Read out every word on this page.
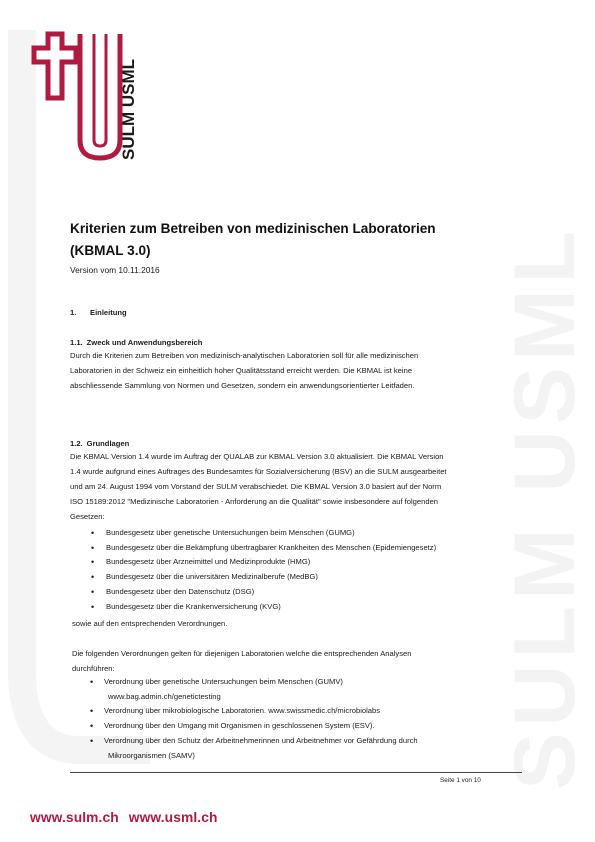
SULM USML
SULM USML
Kriterien zum Betreiben von medizinischen Laboratorien
(KBMAL 3.0)
Version vom 10.11.2016
1. Einleitung
1.1. Zweck und Anwendungsbereich

Durch die Kriterien zum Betreiben von medizinisch-analytischen Laboratorien soll für alle medizinischen

Laboratorien in der Schweiz ein einheitlich hoher Qualitätsstand erreicht werden. Die KBMAL ist keine

abschliessende Sammlung von Normen und Gesetzen, sondern ein anwendungsorientierter Leitfaden.

1.2. Grundlagen

Die KBMAL Version 1.4 wurde im Auftrag der QUALAB zur KBMAL Version 3.0 aktualisiert. Die KBMAL Version

1.4 wurde aufgrund eines Auftrages des Bundesamtes für Sozialversicherung (BSV) an die SULM ausgearbeitet

und am 24. August 1994 vom Vorstand der SULM verabschiedet. Die KBMAL Version 3.0 basiert auf der Norm

ISO 15189:2012 "Medizinische Laboratorien - Anforderung an die Qualität" sowie insbesondere auf folgenden

Gesetzen:

• Bundesgesetz über genetische Untersuchungen beim Menschen (GUMG)
• Bundesgesetz über die Bekämpfung übertragbarer Krankheiten des Menschen (Epidemiengesetz)
• Bundesgesetz über Arzneimittel und Medizinprodukte (HMG)
• Bundesgesetz über die universitären Medizinalberufe (MedBG)
• Bundesgesetz über den Datenschutz (DSG)
• Bundesgesetz über die Krankenversicherung (KVG)
sowie auf den entsprechenden Verordnungen.

Die folgenden Verordnungen gelten für diejenigen Laboratorien welche die entsprechenden Analysen

durchführen:

• Verordnung über genetische Untersuchungen beim Menschen (GUMV)
www.bag.admin.ch/genetictesting
• Verordnung über mikrobiologische Laboratorien. www.swissmedic.ch/microbiolabs
• Verordnung über den Umgang mit Organismen in geschlossenen System (ESV).
• Verordnung über den Schutz der Arbeitnehmerinnen und Arbeitnehmer vor Gefährdung durch
Mikroorganismen (SAMV)
Seite 1 von 10
www.sulm.ch www.usml.ch
